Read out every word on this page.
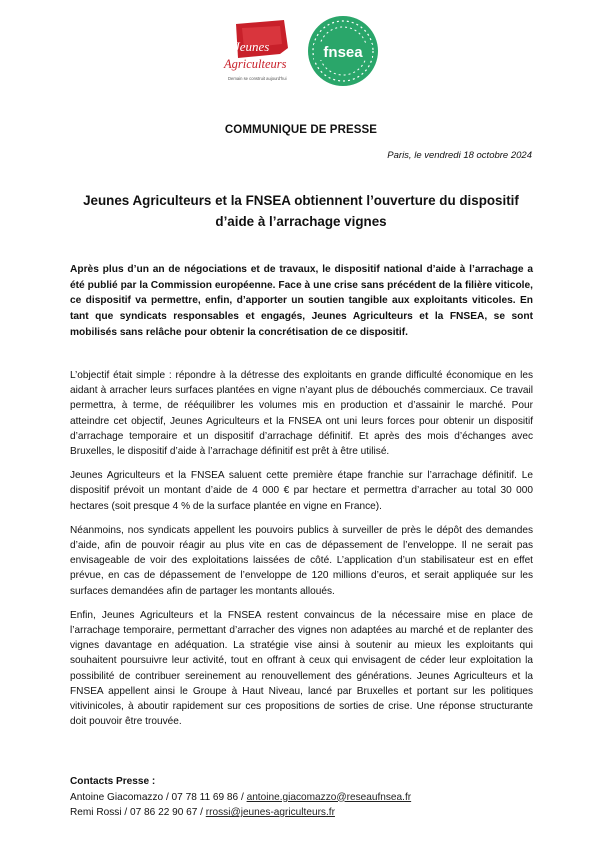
Jeunes
Agriculteurs
Demain se construit aujourd'hui
fnsea
COMMUNIQUE DE PRESSE
Paris, le vendredi 18 octobre 2024
Jeunes Agriculteurs et la FNSEA obtiennent l’ouverture du dispositif d’aide à l’arrachage vignes
Après plus d’un an de négociations et de travaux, le dispositif national d’aide à l’arrachage a été publié par la Commission européenne. Face à une crise sans précédent de la filière viticole, ce dispositif va permettre, enfin, d’apporter un soutien tangible aux exploitants viticoles. En tant que syndicats responsables et engagés, Jeunes Agriculteurs et la FNSEA, se sont mobilisés sans relâche pour obtenir la concrétisation de ce dispositif.

L’objectif était simple : répondre à la détresse des exploitants en grande difficulté économique en les aidant à arracher leurs surfaces plantées en vigne n’ayant plus de débouchés commerciaux. Ce travail permettra, à terme, de rééquilibrer les volumes mis en production et d’assainir le marché. Pour atteindre cet objectif, Jeunes Agriculteurs et la FNSEA ont uni leurs forces pour obtenir un dispositif d’arrachage temporaire et un dispositif d’arrachage définitif. Et après des mois d’échanges avec Bruxelles, le dispositif d’aide à l’arrachage définitif est prêt à être utilisé.

Jeunes Agriculteurs et la FNSEA saluent cette première étape franchie sur l’arrachage définitif. Le dispositif prévoit un montant d’aide de 4 000 € par hectare et permettra d’arracher au total 30 000 hectares (soit presque 4 % de la surface plantée en vigne en France).

Néanmoins, nos syndicats appellent les pouvoirs publics à surveiller de près le dépôt des demandes d’aide, afin de pouvoir réagir au plus vite en cas de dépassement de l’enveloppe. Il ne serait pas envisageable de voir des exploitations laissées de côté. L’application d’un stabilisateur est en effet prévue, en cas de dépassement de l’enveloppe de 120 millions d’euros, et serait appliquée sur les surfaces demandées afin de partager les montants alloués.

Enfin, Jeunes Agriculteurs et la FNSEA restent convaincus de la nécessaire mise en place de l’arrachage temporaire, permettant d’arracher des vignes non adaptées au marché et de replanter des vignes davantage en adéquation. La stratégie vise ainsi à soutenir au mieux les exploitants qui souhaitent poursuivre leur activité, tout en offrant à ceux qui envisagent de céder leur exploitation la possibilité de contribuer sereinement au renouvellement des générations. Jeunes Agriculteurs et la FNSEA appellent ainsi le Groupe à Haut Niveau, lancé par Bruxelles et portant sur les politiques vitivinicoles, à aboutir rapidement sur ces propositions de sorties de crise. Une réponse structurante doit pouvoir être trouvée.

Contacts Presse :
Antoine Giacomazzo / 07 78 11 69 86 / antoine.giacomazzo@reseaufnsea.fr
Remi Rossi / 07 86 22 90 67 / rrossi@jeunes-agriculteurs.fr
